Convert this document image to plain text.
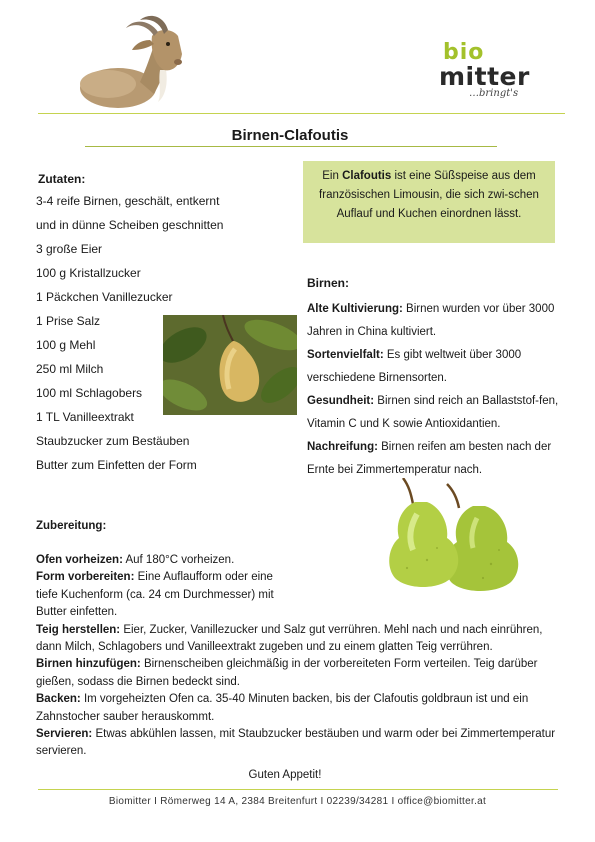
bio
mitter
…bringt's
Birnen-Clafoutis
Zutaten:
3-4 reife Birnen, geschält, entkernt
und in dünne Scheiben geschnitten
3 große Eier
100 g Kristallzucker
1 Päckchen Vanillezucker
1 Prise Salz
100 g Mehl
250 ml Milch
100 ml Schlagobers
1 TL Vanilleextrakt
Staubzucker zum Bestäuben
Butter zum Einfetten der Form
Ein Clafoutis ist eine Süßspeise aus dem französischen Limousin, die sich zwi-schen Auflauf und Kuchen einordnen lässt.
Birnen:
Alte Kultivierung: Birnen wurden vor über 3000 Jahren in China kultiviert.
Sortenvielfalt: Es gibt weltweit über 3000 verschiedene Birnensorten.
Gesundheit: Birnen sind reich an Ballaststof-fen, Vitamin C und K sowie Antioxidantien.
Nachreifung: Birnen reifen am besten nach der Ernte bei Zimmertemperatur nach.
Zubereitung:

Ofen vorheizen: Auf 180°C vorheizen.

Form vorbereiten: Eine Auflaufform oder eine tiefe Kuchenform (ca. 24 cm Durchmesser) mit Butter einfetten.

Teig herstellen: Eier, Zucker, Vanillezucker und Salz gut verrühren. Mehl nach und nach einrühren, dann Milch, Schlagobers und Vanilleextrakt zugeben und zu einem glatten Teig verrühren.

Birnen hinzufügen: Birnenscheiben gleichmäßig in der vorbereiteten Form verteilen. Teig darüber gießen, sodass die Birnen bedeckt sind.

Backen: Im vorgeheizten Ofen ca. 35-40 Minuten backen, bis der Clafoutis goldbraun ist und ein Zahnstocher sauber herauskommt.

Servieren: Etwas abkühlen lassen, mit Staubzucker bestäuben und warm oder bei Zimmertemperatur servieren.

Guten Appetit!
Biomitter I Römerweg 14 A, 2384 Breitenfurt I 02239/34281 I office@biomitter.at
